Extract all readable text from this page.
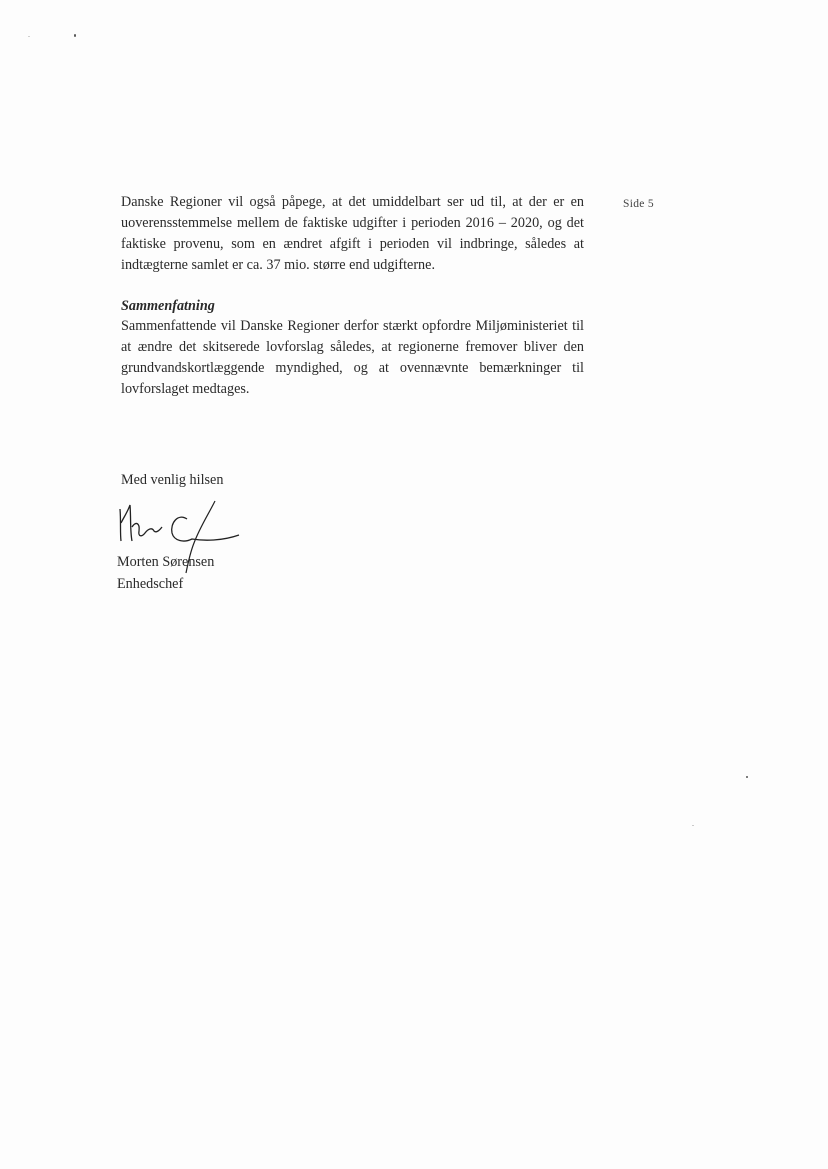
Side 5
Danske Regioner vil også påpege, at det umiddelbart ser ud til, at der er en uoverensstemmelse mellem de faktiske udgifter i perioden 2016 – 2020, og det faktiske provenu, som en ændret afgift i perioden vil indbringe, således at indtægterne samlet er ca. 37 mio. større end udgifterne.
Sammenfatning
Sammenfattende vil Danske Regioner derfor stærkt opfordre Miljøministeriet til at ændre det skitserede lovforslag således, at regionerne fremover bliver den grundvandskortlæggende myndighed, og at ovennævnte bemærkninger til lovforslaget medtages.
Med venlig hilsen
Morten Sørensen
Enhedschef
